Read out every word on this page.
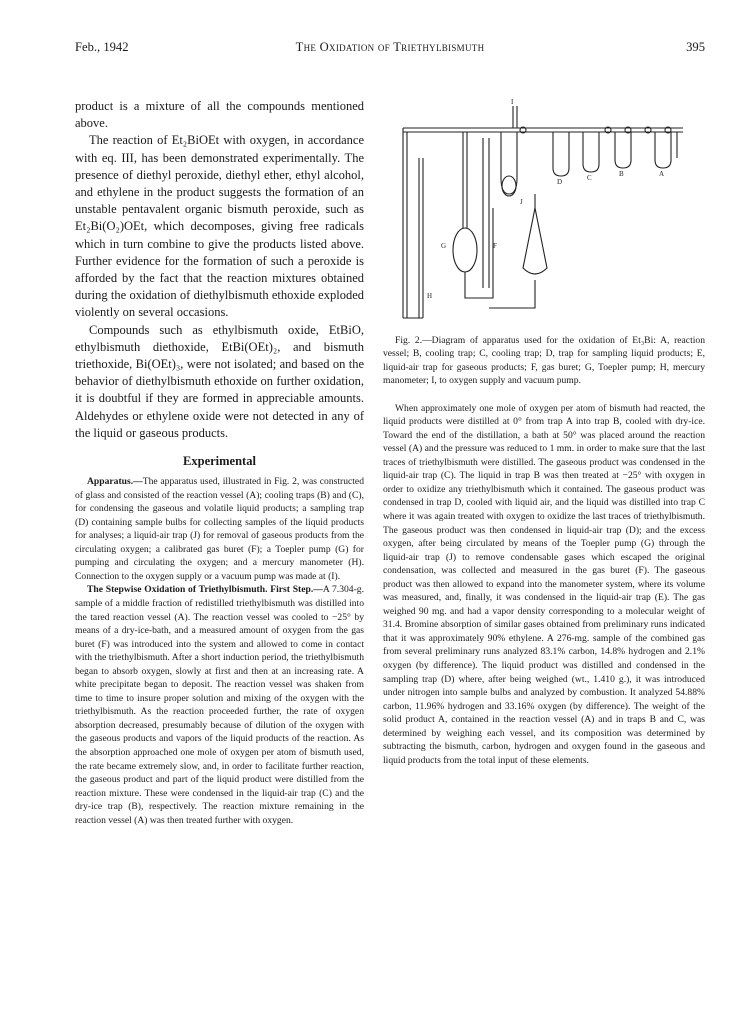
Feb., 1942	The Oxidation of Triethylbismuth	395

product is a mixture of all the compounds mentioned above.

The reaction of Et₂BiOEt with oxygen, in accordance with eq. III, has been demonstrated experimentally. The presence of diethyl peroxide, diethyl ether, ethyl alcohol, and ethylene in the product suggests the formation of an unstable pentavalent organic bismuth peroxide, such as Et₂Bi(O₂)OEt, which decomposes, giving free radicals which in turn combine to give the products listed above. Further evidence for the formation of such a peroxide is afforded by the fact that the reaction mixtures obtained during the oxidation of diethylbismuth ethoxide exploded violently on several occasions.

Compounds such as ethylbismuth oxide, EtBiO, ethylbismuth diethoxide, EtBi(OEt)₂, and bismuth triethoxide, Bi(OEt)₃, were not isolated; and based on the behavior of diethylbismuth ethoxide on further oxidation, it is doubtful if they are formed in appreciable amounts. Aldehydes or ethylene oxide were not detected in any of the liquid or gaseous products.

Experimental

Apparatus.—The apparatus used, illustrated in Fig. 2, was constructed of glass and consisted of the reaction vessel (A); cooling traps (B) and (C), for condensing the gaseous and volatile liquid products; a sampling trap (D) containing sample bulbs for collecting samples of the liquid products for analyses; a liquid-air trap (J) for removal of gaseous products from the circulating oxygen; a calibrated gas buret (F); a Toepler pump (G) for pumping and circulating the oxygen; and a mercury manometer (H). Connection to the oxygen supply or a vacuum pump was made at (I).

The Stepwise Oxidation of Triethylbismuth. First Step.—A 7.304-g. sample of a middle fraction of redistilled triethylbismuth was distilled into the tared reaction vessel (A). The reaction vessel was cooled to −25° by means of a dry-ice-bath, and a measured amount of oxygen from the gas buret (F) was introduced into the system and allowed to come in contact with the triethylbismuth. After a short induction period, the triethylbismuth began to absorb oxygen, slowly at first and then at an increasing rate. A white precipitate began to deposit. The reaction vessel was shaken from time to time to insure proper solution and mixing of the oxygen with the triethylbismuth. As the reaction proceeded further, the rate of oxygen absorption decreased, presumably because of dilution of the oxygen with the gaseous products and vapors of the liquid products of the reaction. As the absorption approached one mole of oxygen per atom of bismuth used, the rate became extremely slow, and, in order to facilitate further reaction, the gaseous product and part of the liquid product were distilled from the reaction mixture. These were condensed in the liquid-air trap (C) and the dry-ice trap (B), respectively. The reaction mixture remaining in the reaction vessel (A) was then treated further with oxygen.

I
J
D	C	B	A
F
G
H

Fig. 2.—Diagram of apparatus used for the oxidation of Et₃Bi: A, reaction vessel; B, cooling trap; C, cooling trap; D, trap for sampling liquid products; E, liquid-air trap for gaseous products; F, gas buret; G, Toepler pump; H, mercury manometer; I, to oxygen supply and vacuum pump.

When approximately one mole of oxygen per atom of bismuth had reacted, the liquid products were distilled at 0° from trap A into trap B, cooled with dry-ice. Toward the end of the distillation, a bath at 50° was placed around the reaction vessel (A) and the pressure was reduced to 1 mm. in order to make sure that the last traces of triethylbismuth were distilled. The gaseous product was condensed in the liquid-air trap (C). The liquid in trap B was then treated at −25° with oxygen in order to oxidize any triethylbismuth which it contained. The gaseous product was condensed in trap D, cooled with liquid air, and the liquid was distilled into trap C where it was again treated with oxygen to oxidize the last traces of triethylbismuth. The gaseous product was then condensed in liquid-air trap (D); and the excess oxygen, after being circulated by means of the Toepler pump (G) through the liquid-air trap (J) to remove condensable gases which escaped the original condensation, was collected and measured in the gas buret (F). The gaseous product was then allowed to expand into the manometer system, where its volume was measured, and, finally, it was condensed in the liquid-air trap (E). The gas weighed 90 mg. and had a vapor density corresponding to a molecular weight of 31.4. Bromine absorption of similar gases obtained from preliminary runs indicated that it was approximately 90% ethylene. A 276-mg. sample of the combined gas from several preliminary runs analyzed 83.1% carbon, 14.8% hydrogen and 2.1% oxygen (by difference). The liquid product was distilled and condensed in the sampling trap (D) where, after being weighed (wt., 1.410 g.), it was introduced under nitrogen into sample bulbs and analyzed by combustion. It analyzed 54.88% carbon, 11.96% hydrogen and 33.16% oxygen (by difference). The weight of the solid product A, contained in the reaction vessel (A) and in traps B and C, was determined by weighing each vessel, and its composition was determined by subtracting the bismuth, carbon, hydrogen and oxygen found in the gaseous and liquid products from the total input of these elements.
